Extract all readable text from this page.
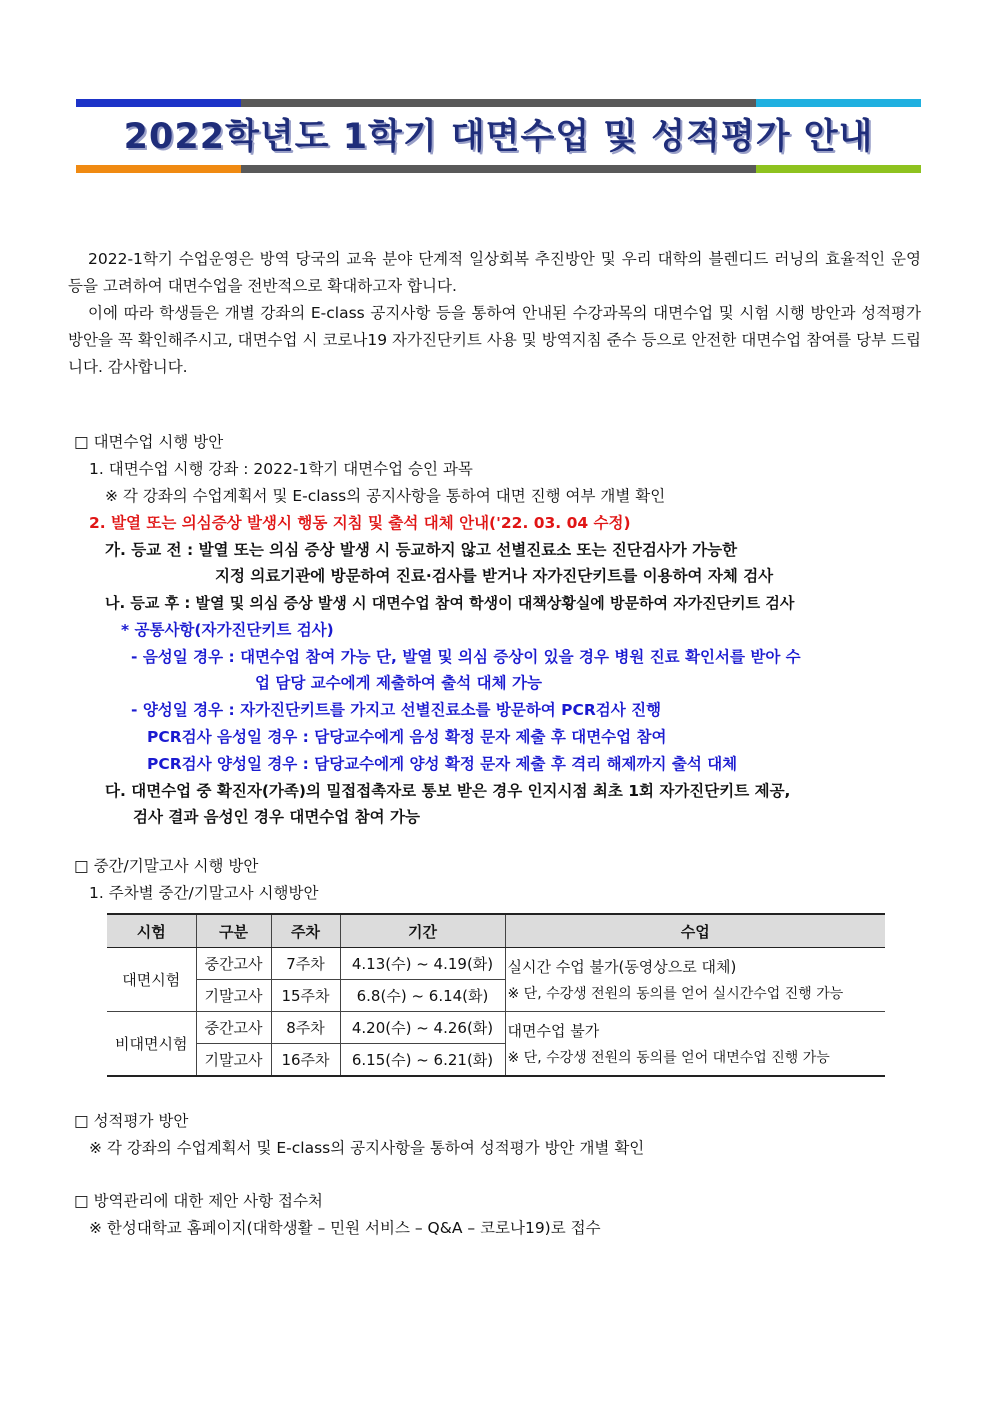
2022학년도 1학기 대면수업 및 성적평가 안내

2022-1학기 수업운영은 방역 당국의 교육 분야 단계적 일상회복 추진방안 및 우리 대학의 블렌디드 러닝의 효율적인 운영 등을 고려하여 대면수업을 전반적으로 확대하고자 합니다.

이에 따라 학생들은 개별 강좌의 E-class 공지사항 등을 통하여 안내된 수강과목의 대면수업 및 시험 시행 방안과 성적평가 방안을 꼭 확인해주시고, 대면수업 시 코로나19 자가진단키트 사용 및 방역지침 준수 등으로 안전한 대면수업 참여를 당부 드립니다. 감사합니다.

□ 대면수업 시행 방안
1. 대면수업 시행 강좌 : 2022-1학기 대면수업 승인 과목
※ 각 강좌의 수업계획서 및 E-class의 공지사항을 통하여 대면 진행 여부 개별 확인
2. 발열 또는 의심증상 발생시 행동 지침 및 출석 대체 안내('22. 03. 04 수정)
가. 등교 전 : 발열 또는 의심 증상 발생 시 등교하지 않고 선별진료소 또는 진단검사가 가능한
지정 의료기관에 방문하여 진료·검사를 받거나 자가진단키트를 이용하여 자체 검사
나. 등교 후 : 발열 및 의심 증상 발생 시 대면수업 참여 학생이 대책상황실에 방문하여 자가진단키트 검사
* 공통사항(자가진단키트 검사)
- 음성일 경우 : 대면수업 참여 가능 단, 발열 및 의심 증상이 있을 경우 병원 진료 확인서를 받아 수
업 담당 교수에게 제출하여 출석 대체 가능
- 양성일 경우 : 자가진단키트를 가지고 선별진료소를 방문하여 PCR검사 진행
PCR검사 음성일 경우 : 담당교수에게 음성 확정 문자 제출 후 대면수업 참여
PCR검사 양성일 경우 : 담당교수에게 양성 확정 문자 제출 후 격리 해제까지 출석 대체
다. 대면수업 중 확진자(가족)의 밀접접촉자로 통보 받은 경우 인지시점 최초 1회 자가진단키트 제공,
검사 결과 음성인 경우 대면수업 참여 가능
□ 중간/기말고사 시행 방안
1. 주차별 중간/기말고사 시행방안
시험	구분	주차	기간	수업
대면시험	중간고사	7주차	4.13(수) ~ 4.19(화)	실시간 수업 불가(동영상으로 대체)
※ 단, 수강생 전원의 동의를 얻어 실시간수업 진행 가능

	기말고사	15주차	6.8(수) ~ 6.14(화)	
비대면시험	중간고사	8주차	4.20(수) ~ 4.26(화)	대면수업 불가
※ 단, 수강생 전원의 동의를 얻어 대면수업 진행 가능

	기말고사	16주차	6.15(수) ~ 6.21(화)	
□ 성적평가 방안
※ 각 강좌의 수업계획서 및 E-class의 공지사항을 통하여 성적평가 방안 개별 확인
□ 방역관리에 대한 제안 사항 접수처
※ 한성대학교 홈페이지(대학생활 – 민원 서비스 – Q&A – 코로나19)로 접수
